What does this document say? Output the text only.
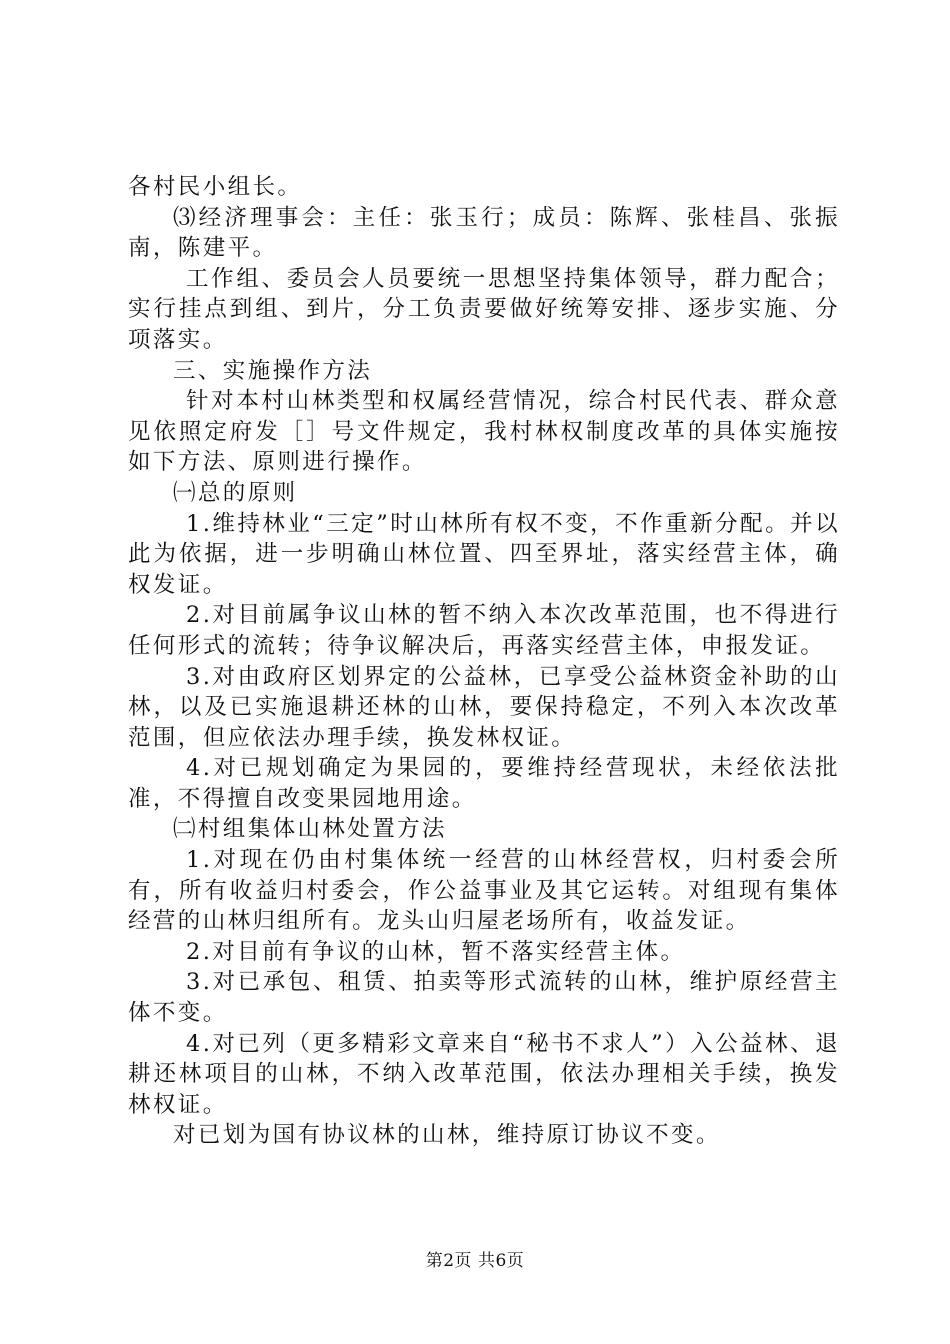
各村民小组长。

⑶经济理事会：主任：张玉行；成员：陈辉、张桂昌、张振南，陈建平。

工作组、委员会人员要统一思想坚持集体领导，群力配合；实行挂点到组、到片，分工负责要做好统筹安排、逐步实施、分项落实。

三、实施操作方法

针对本村山林类型和权属经营情况，综合村民代表、群众意见依照定府发［］号文件规定，我村林权制度改革的具体实施按如下方法、原则进行操作。

㈠总的原则

1.维持林业“三定”时山林所有权不变，不作重新分配。并以此为依据，进一步明确山林位置、四至界址，落实经营主体，确权发证。

2.对目前属争议山林的暂不纳入本次改革范围，也不得进行任何形式的流转；待争议解决后，再落实经营主体，申报发证。

3.对由政府区划界定的公益林，已享受公益林资金补助的山林，以及已实施退耕还林的山林，要保持稳定，不列入本次改革范围，但应依法办理手续，换发林权证。

4.对已规划确定为果园的，要维持经营现状，未经依法批准，不得擅自改变果园地用途。

㈡村组集体山林处置方法

1.对现在仍由村集体统一经营的山林经营权，归村委会所有，所有收益归村委会，作公益事业及其它运转。对组现有集体经营的山林归组所有。龙头山归屋老场所有，收益发证。

2.对目前有争议的山林，暂不落实经营主体。

3.对已承包、租赁、拍卖等形式流转的山林，维护原经营主体不变。

4.对已列（更多精彩文章来自“秘书不求人”）入公益林、退耕还林项目的山林，不纳入改革范围，依法办理相关手续，换发林权证。

对已划为国有协议林的山林，维持原订协议不变。

第2页 共6页
